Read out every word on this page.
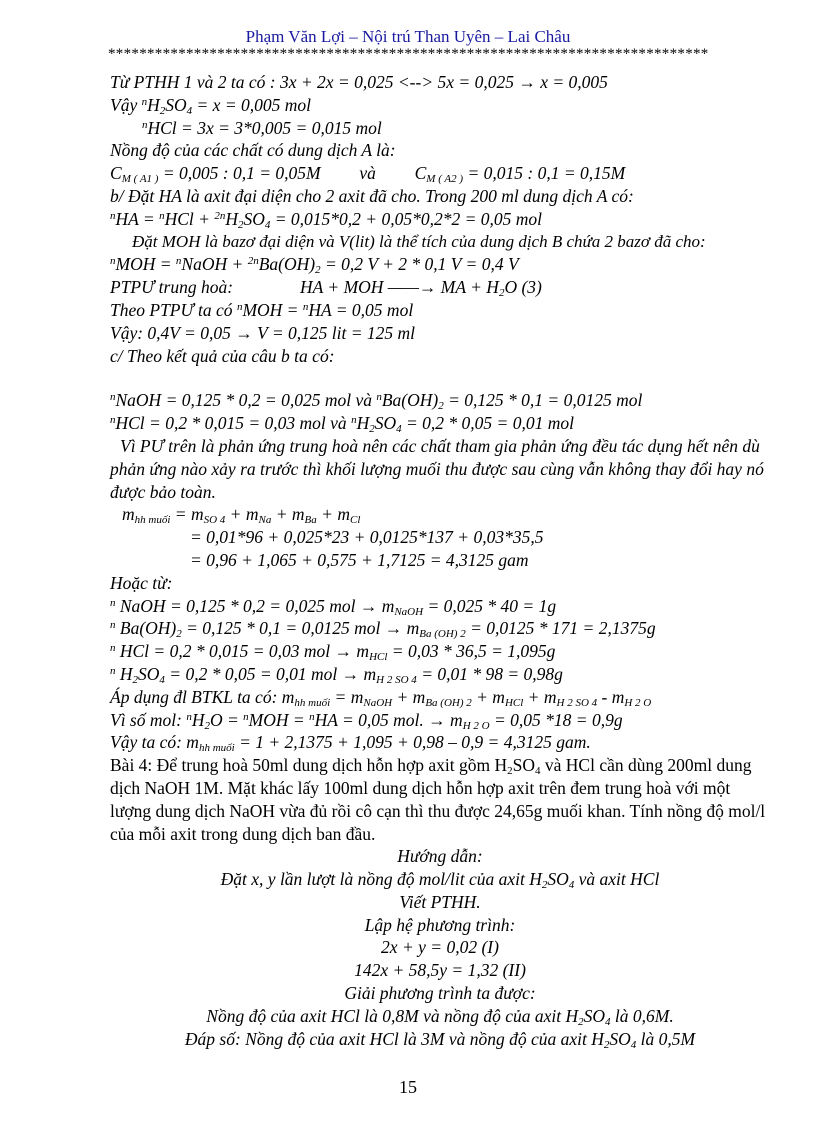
Phạm Văn Lợi – Nội trú Than Uyên – Lai Châu
*****************************************************************************
Từ PTHH 1 và 2 ta có : 3x + 2x = 0,025 <--> 5x = 0,025 → x = 0,005
Vậy $^nH_2SO_4 = x = 0,005$ mol
$^n$HCl = 3x = 3*0,005 = 0,015 mol
Nồng độ của các chất có dung dịch A là:
$C_{M ( A1 )} = 0,005$ : 0,1 = 0,05M và $C_{M ( A2 )} = 0,015$ : 0,1 = 0,15M
b/ Đặt HA là axit đại diện cho 2 axit đã cho. Trong 200 ml dung dịch A có:
$^nHA = ^nHCl + ^{2n}H_2SO_4 = 0,015*0,2 + 0,05*0,2*2 = 0,05$ mol
Đặt MOH là bazơ đại diện và V(lit) là thể tích của dung dịch B chứa 2 bazơ đã cho:
$^n$MOH = $^n$NaOH + $^{2n}Ba(OH)_2 = 0,2$ V + 2 * 0,1 V = 0,4 V
PTPƯ trung hoà:	HA + MOH ——→ MA + $H_2O$ (3)
Theo PTPƯ ta có $^n$MOH = $^n$HA = 0,05 mol
Vậy: 0,4V = 0,05 → V = 0,125 lit = 125 ml
c/ Theo kết quả của câu b ta có:
$^n$NaOH = 0,125 * 0,2 = 0,025 mol và $^nBa(OH)_2 = 0,125 * 0,1 = 0,0125$ mol
$^n$HCl = 0,2 * 0,015 = 0,03 mol và $^nH_2SO_4 = 0,2 * 0,05 = 0,01$ mol
Vì PƯ trên là phản ứng trung hoà nên các chất tham gia phản ứng đều tác dụng hết nên dù phản ứng nào xảy ra trước thì khối lượng muối thu được sau cùng vẫn không thay đổi hay nó được bảo toàn.
$m_{hh muối} = m_{SO 4} + m_{Na} + m_{Ba} + m_{Cl}$
= 0,01*96 + 0,025*23 + 0,0125*137 + 0,03*35,5
= 0,96 + 1,065 + 0,575 + 1,7125 = 4,3125 gam
Hoặc từ:
$^n$ NaOH = 0,125 * 0,2 = 0,025 mol → $m_{NaOH} = 0,025 * 40 = 1g$
$^n$ $Ba(OH)_2 = 0,125 * 0,1 = 0,0125$ mol → $m_{Ba (OH) 2} = 0,0125 * 171 = 2,1375g$
$^n$ HCl = 0,2 * 0,015 = 0,03 mol → $m_{HCl} = 0,03 * 36,5 = 1,095g$
$^n$ $H_2SO_4 = 0,2 * 0,05 = 0,01$ mol → $m_{H 2 SO 4} = 0,01 * 98 = 0,98g$
Áp dụng đl BTKL ta có: $m_{hh muối} = m_{NaOH} + m_{Ba (OH) 2} + m_{HCl} + m_{H 2 SO 4} - m_{H 2 O}$
Vì số mol: $^nH_2O = ^nMOH = ^nHA = 0,05$ mol. → $m_{H 2 O} = 0,05$ *18 = 0,9g
Vậy ta có: $m_{hh muối} = 1 + 2,1375 + 1,095 + 0,98 - 0,9 = 4,3125$ gam.
Bài 4: Để trung hoà 50ml dung dịch hỗn hợp axit gồm $H_2SO_4$ và HCl cần dùng 200ml dung dịch NaOH 1M. Mặt khác lấy 100ml dung dịch hỗn hợp axit trên đem trung hoà với một lượng dung dịch NaOH vừa đủ rồi cô cạn thì thu được 24,65g muối khan. Tính nồng độ mol/l của mỗi axit trong dung dịch ban đầu.
Hướng dẫn:
Đặt x, y lần lượt là nồng độ mol/lit của axit $H_2SO_4$ và axit HCl
Viết PTHH.
Lập hệ phương trình:
2x + y = 0,02 (I)
142x + 58,5y = 1,32 (II)
Giải phương trình ta được:
Nồng độ của axit HCl là 0,8M và nồng độ của axit $H_2SO_4$ là 0,6M.
Đáp số: Nồng độ của axit HCl là 3M và nồng độ của axit $H_2SO_4$ là 0,5M
15
